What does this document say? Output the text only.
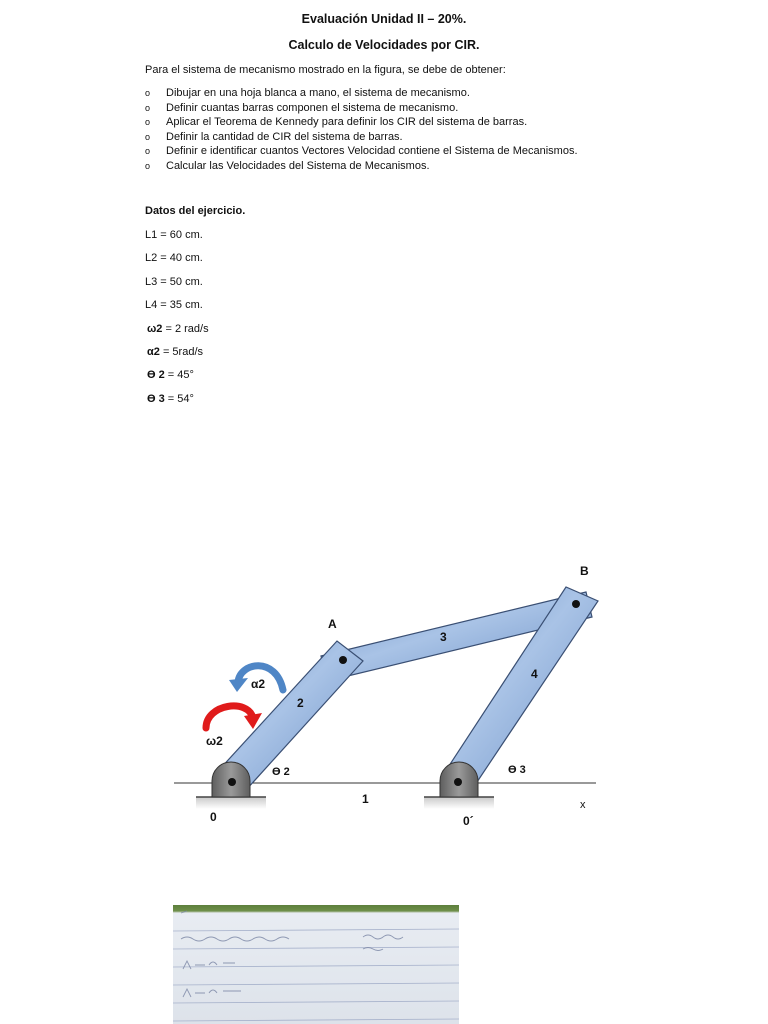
Evaluación Unidad II – 20%.
Calculo de Velocidades por CIR.
Para el sistema de mecanismo mostrado en la figura, se debe de obtener:
o Dibujar en una hoja blanca a mano, el sistema de mecanismo.
o Definir cuantas barras componen el sistema de mecanismo.
o Aplicar el Teorema de Kennedy para definir los CIR del sistema de barras.
o Definir la cantidad de CIR del sistema de barras.
o Definir e identificar cuantos Vectores Velocidad contiene el Sistema de Mecanismos.
o Calcular las Velocidades del Sistema de Mecanismos.
Datos del ejercicio.
L1 = 60 cm.
L2 = 40 cm.
L3 = 50 cm.
L4 = 35 cm.
ω2 = 2 rad/s
α2 = 5rad/s
Ɵ 2 = 45°
Ɵ 3 = 54°
A
B
2
3
4
1
0	0´
α2
ω2
Ɵ 2	Ɵ 3
x
